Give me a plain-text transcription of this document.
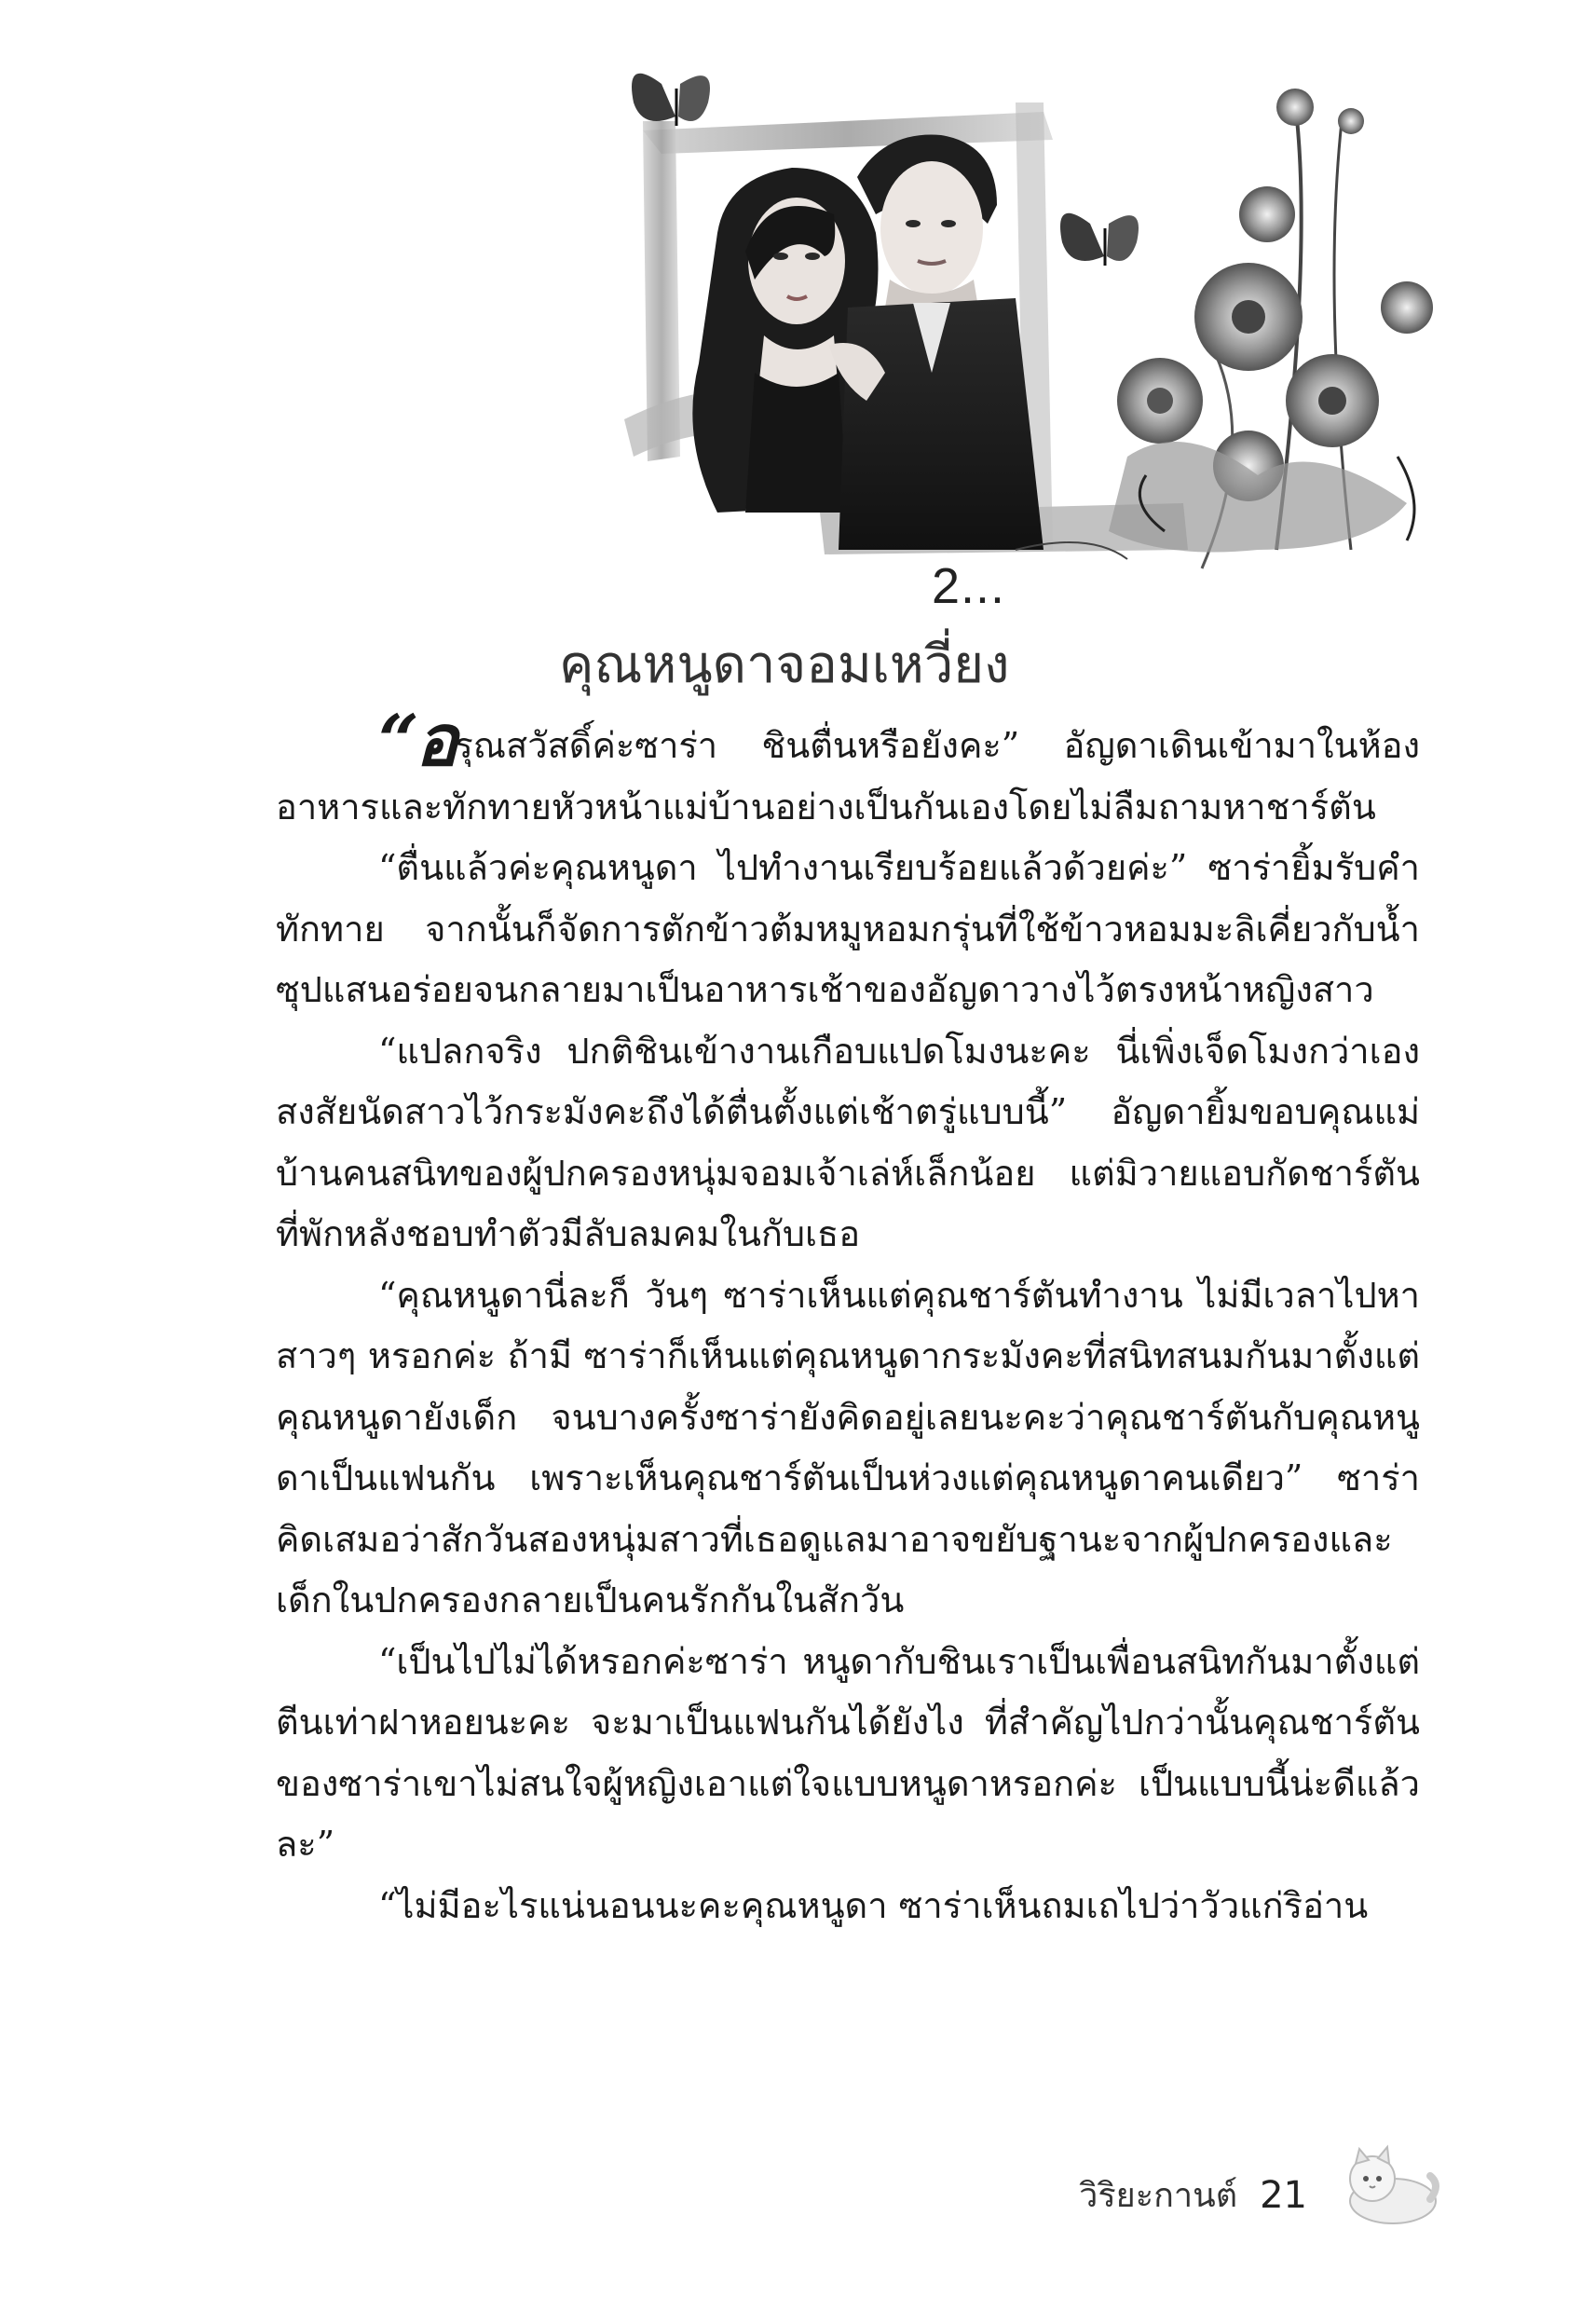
2...
คุณหนูดาจอมเหวี่ยง

“อรุณสวัสดิ์ค่ะซาร่า ชินตื่นหรือยังคะ” อัญดาเดินเข้ามาในห้องอาหารและทักทายหัวหน้าแม่บ้านอย่างเป็นกันเองโดยไม่ลืมถามหาชาร์ตัน

“ตื่นแล้วค่ะคุณหนูดา ไปทำงานเรียบร้อยแล้วด้วยค่ะ” ซาร่ายิ้มรับคำทักทาย จากนั้นก็จัดการตักข้าวต้มหมูหอมกรุ่นที่ใช้ข้าวหอมมะลิเคี่ยวกับน้ำซุปแสนอร่อยจนกลายมาเป็นอาหารเช้าของอัญดาวางไว้ตรงหน้าหญิงสาว

“แปลกจริง ปกติชินเข้างานเกือบแปดโมงนะคะ นี่เพิ่งเจ็ดโมงกว่าเอง สงสัยนัดสาวไว้กระมังคะถึงได้ตื่นตั้งแต่เช้าตรู่แบบนี้” อัญดายิ้มขอบคุณแม่บ้านคนสนิทของผู้ปกครองหนุ่มจอมเจ้าเล่ห์เล็กน้อย แต่มิวายแอบกัดชาร์ตันที่พักหลังชอบทำตัวมีลับลมคมในกับเธอ

“คุณหนูดานี่ละก็ วันๆ ซาร่าเห็นแต่คุณชาร์ตันทำงาน ไม่มีเวลาไปหาสาวๆ หรอกค่ะ ถ้ามี ซาร่าก็เห็นแต่คุณหนูดากระมังคะที่สนิทสนมกันมาตั้งแต่คุณหนูดายังเด็ก จนบางครั้งซาร่ายังคิดอยู่เลยนะคะว่าคุณชาร์ตันกับคุณหนูดาเป็นแฟนกัน เพราะเห็นคุณชาร์ตันเป็นห่วงแต่คุณหนูดาคนเดียว” ซาร่าคิดเสมอว่าสักวันสองหนุ่มสาวที่เธอดูแลมาอาจขยับฐานะจากผู้ปกครองและเด็กในปกครองกลายเป็นคนรักกันในสักวัน

“เป็นไปไม่ได้หรอกค่ะซาร่า หนูดากับชินเราเป็นเพื่อนสนิทกันมาตั้งแต่ตีนเท่าฝาหอยนะคะ จะมาเป็นแฟนกันได้ยังไง ที่สำคัญไปกว่านั้นคุณชาร์ตันของซาร่าเขาไม่สนใจผู้หญิงเอาแต่ใจแบบหนูดาหรอกค่ะ เป็นแบบนี้น่ะดีแล้วละ”

“ไม่มีอะไรแน่นอนนะคะคุณหนูดา ซาร่าเห็นถมเถไปว่าวัวแก่ริอ่าน

วิริยะกานต์ 21
